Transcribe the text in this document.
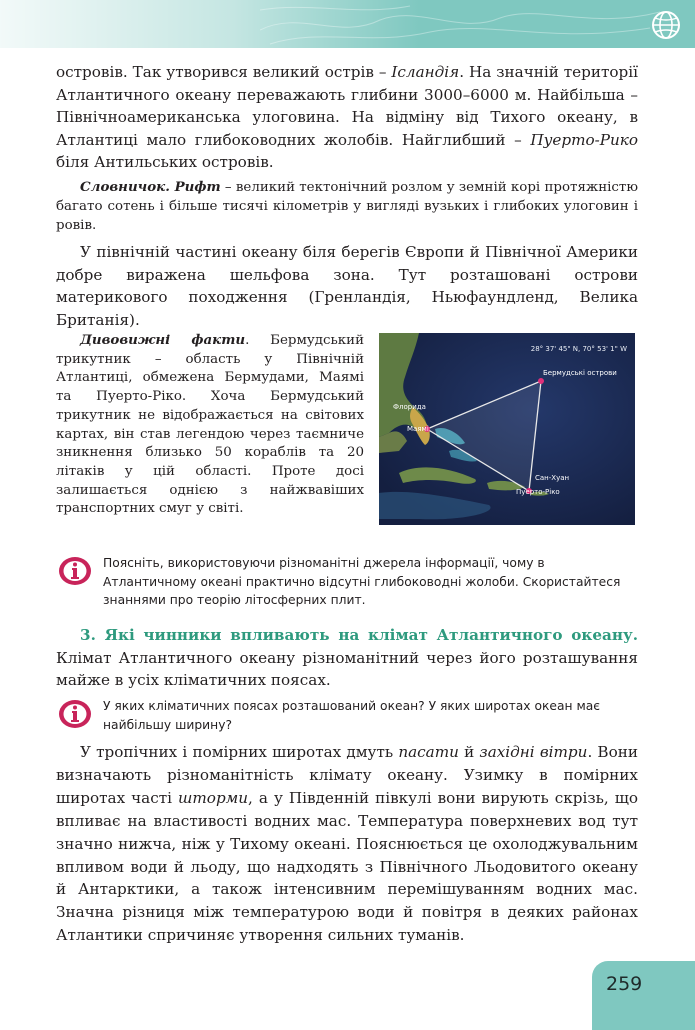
островів. Так утворився великий острів – Ісландія. На значній території Атлантичного океану переважають глибини 3000–6000 м. Найбільша – Північноамериканська улоговина. На відміну від Тихого океану, в Атлантиці мало глибоководних жолобів. Найглибший – Пуерто-Рико біля Антильських островів.

Словничок. Рифт – великий тектонічний розлом у земній корі протяжністю багато сотень і більше тисячі кілометрів у вигляді вузьких і глибоких улоговин і ровів.

У північній частині океану біля берегів Європи й Північної Америки добре виражена шельфова зона. Тут розташовані острови материкового походження (Гренландія, Ньюфаундленд, Велика Британія).

Дивовижні факти. Бермудський трикутник – область у Північній Атлантиці, обмежена Бермудами, Маямі та Пуерто-Ріко. Хоча Бермудський трикутник не відображається на світових картах, він став легендою через таємниче зникнення близько 50 кораблів та 20 літаків у цій області. Проте досі залишається однією з найжвавіших транспортних смуг у світі.

28° 37' 45" N, 70° 53' 1" W
Бермудські острови
Флорида
Маямі
Сан-Хуан
Пуерто-Ріко
Поясніть, використовуючи різноманітні джерела інформації, чому в Атлантичному океані практично відсутні глибоководні жолоби. Скористайтеся знаннями про теорію літосферних плит.

3. Які чинники впливають на клімат Атлантичного океану. Клімат Атлантичного океану різноманітний через його розташування майже в усіх кліматичних поясах.

У яких кліматичних поясах розташований океан? У яких широтах океан має найбільшу ширину?

У тропічних і помірних широтах дмуть пасати й західні вітри. Вони визначають різноманітність клімату океану. Узимку в помірних широтах часті шторми, а у Південній півкулі вони вирують скрізь, що впливає на властивості водних мас. Температура поверхневих вод тут значно нижча, ніж у Тихому океані. Пояснюється це охолоджувальним впливом води й льоду, що надходять з Північного Льодовитого океану й Антарктики, а також інтенсивним перемішуванням водних мас. Значна різниця між температурою води й повітря в деяких районах Атлантики спричиняє утворення сильних туманів.

259
